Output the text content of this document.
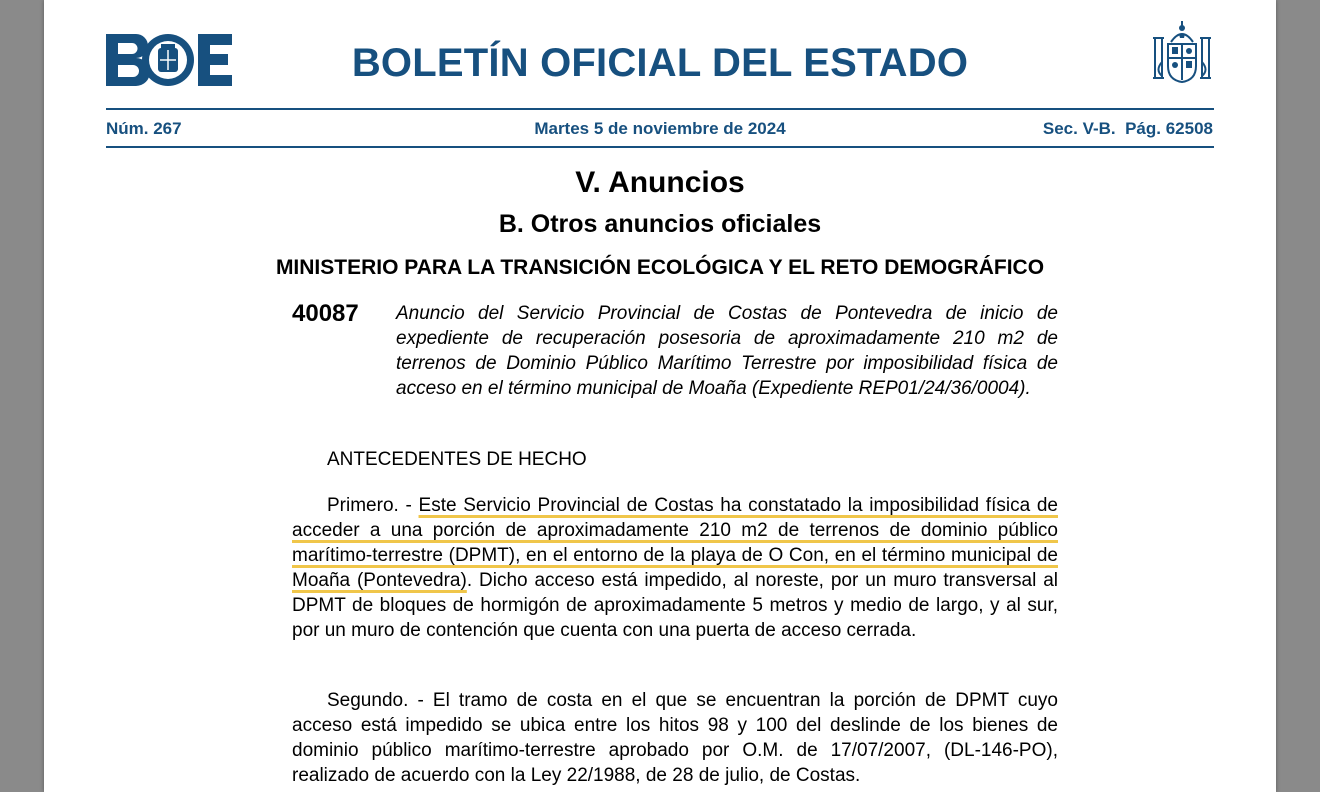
BOLETÍN OFICIAL DEL ESTADO
Núm. 267	Martes 5 de noviembre de 2024	Sec. V-B.  Pág. 62508
V. Anuncios
B. Otros anuncios oficiales
MINISTERIO PARA LA TRANSICIÓN ECOLÓGICA Y EL RETO DEMOGRÁFICO
40087 Anuncio del Servicio Provincial de Costas de Pontevedra de inicio de expediente de recuperación posesoria de aproximadamente 210 m2 de terrenos de Dominio Público Marítimo Terrestre por imposibilidad física de acceso en el término municipal de Moaña (Expediente REP01/24/36/0004).
ANTECEDENTES DE HECHO
Primero. - Este Servicio Provincial de Costas ha constatado la imposibilidad física de acceder a una porción de aproximadamente 210 m2 de terrenos de dominio público marítimo-terrestre (DPMT), en el entorno de la playa de O Con, en el término municipal de Moaña (Pontevedra). Dicho acceso está impedido, al noreste, por un muro transversal al DPMT de bloques de hormigón de aproximadamente 5 metros y medio de largo, y al sur, por un muro de contención que cuenta con una puerta de acceso cerrada.
Segundo. - El tramo de costa en el que se encuentran la porción de DPMT cuyo acceso está impedido se ubica entre los hitos 98 y 100 del deslinde de los bienes de dominio público marítimo-terrestre aprobado por O.M. de 17/07/2007, (DL-146-PO), realizado de acuerdo con la Ley 22/1988, de 28 de julio, de Costas.
